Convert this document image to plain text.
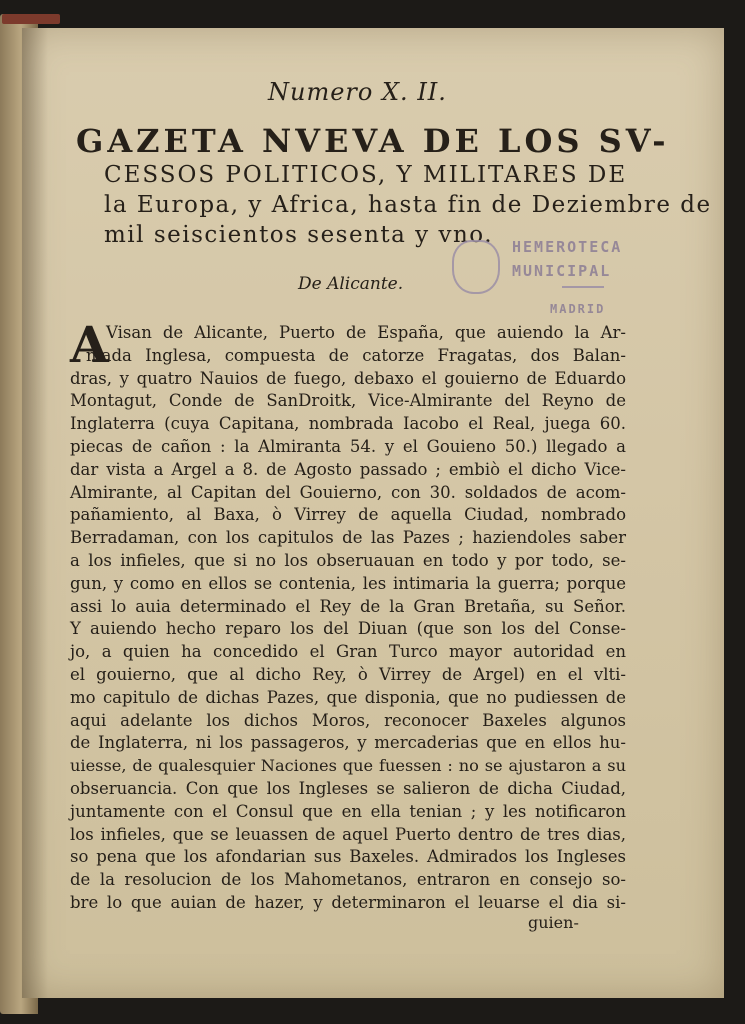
Numero X. II.

GAZETA NVEVA DE LOS SV-

CESSOS POLITICOS, Y MILITARES DE

la Europa, y Africa, hasta fin de Deziembre de

mil seiscientos sesenta y vno.	HEMEROTECA
MUNICIPAL
MADRID
De Alicante.
A

Visan de Alicante, Puerto de España, que auiendo la Ar-

mada Inglesa, compuesta de catorze Fragatas, dos Balan-

dras, y quatro Nauios de fuego, debaxo el gouierno de Eduardo

Montagut, Conde de SanDroitk, Vice-Almirante del Reyno de

Inglaterra (cuya Capitana, nombrada Iacobo el Real, juega 60.

piecas de cañon : la Almiranta 54. y el Gouieno 50.) llegado a

dar vista a Argel a 8. de Agosto passado ; embiò el dicho Vice-

Almirante, al Capitan del Gouierno, con 30. soldados de acom-

pañamiento, al Baxa, ò Virrey de aquella Ciudad, nombrado

Berradaman, con los capitulos de las Pazes ; haziendoles saber

a los infieles, que si no los obseruauan en todo y por todo, se-

gun, y como en ellos se contenia, les intimaria la guerra; porque

assi lo auia determinado el Rey de la Gran Bretaña, su Señor.

Y auiendo hecho reparo los del Diuan (que son los del Conse-

jo, a quien ha concedido el Gran Turco mayor autoridad en

el gouierno, que al dicho Rey, ò Virrey de Argel) en el vlti-

mo capitulo de dichas Pazes, que disponia, que no pudiessen de

aqui adelante los dichos Moros, reconocer Baxeles algunos

de Inglaterra, ni los passageros, y mercaderias que en ellos hu-

uiesse, de qualesquier Naciones que fuessen : no se ajustaron a su

obseruancia. Con que los Ingleses se salieron de dicha Ciudad,

juntamente con el Consul que en ella tenian ; y les notificaron

los infieles, que se leuassen de aquel Puerto dentro de tres dias,

so pena que los afondarian sus Baxeles. Admirados los Ingleses

de la resolucion de los Mahometanos, entraron en consejo so-

bre lo que auian de hazer, y determinaron el leuarse el dia si-

guien-
